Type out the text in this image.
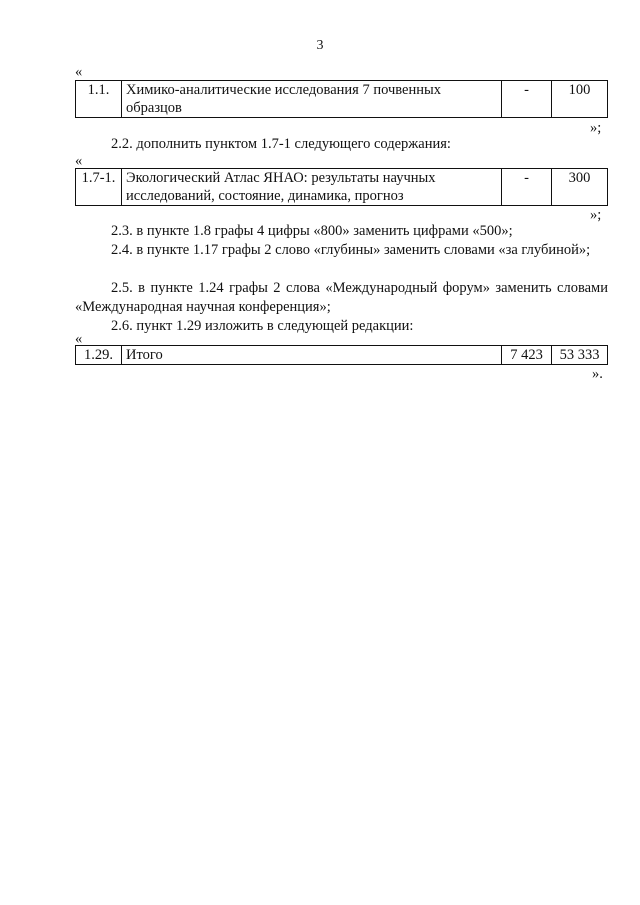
3
«
1.1.	Химико-аналитические исследования 7 почвенных образцов	-	100
»;
2.2. дополнить пунктом 1.7-1 следующего содержания:
«
1.7-1.	Экологический Атлас ЯНАО: результаты научных исследований, состояние, динамика, прогноз	-	300
»;
2.3. в пункте 1.8 графы 4 цифры «800» заменить цифрами «500»;
2.4. в пункте 1.17 графы 2 слово «глубины» заменить словами «за глубиной»;
2.5. в пункте 1.24 графы 2 слова «Международный форум» заменить словами «Международная научная конференция»;
2.6. пункт 1.29 изложить в следующей редакции:
«
1.29.	Итого	7 423	53 333
».
